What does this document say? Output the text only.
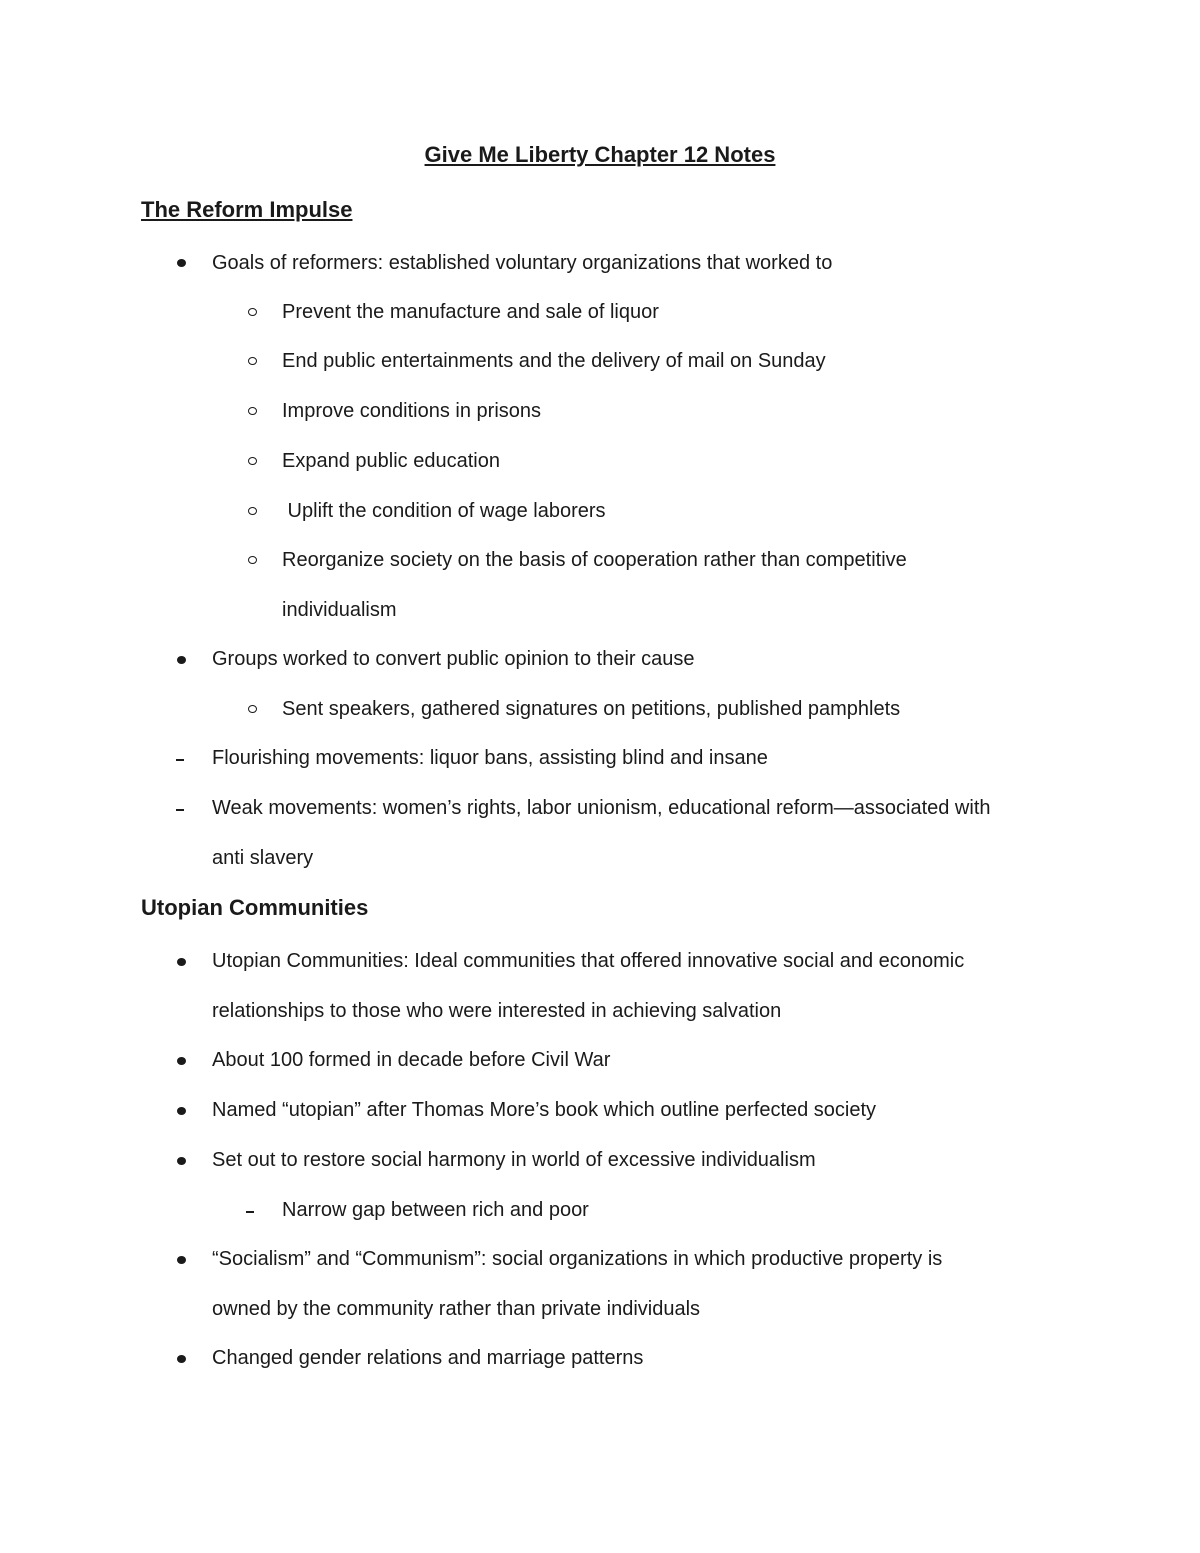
Give Me Liberty Chapter 12 Notes
The Reform Impulse
Goals of reformers: established voluntary organizations that worked to
Prevent the manufacture and sale of liquor
End public entertainments and the delivery of mail on Sunday
Improve conditions in prisons
Expand public education
Uplift the condition of wage laborers
Reorganize society on the basis of cooperation rather than competitive
individualism
Groups worked to convert public opinion to their cause
Sent speakers, gathered signatures on petitions, published pamphlets
Flourishing movements: liquor bans, assisting blind and insane
Weak movements: women’s rights, labor unionism, educational reform—associated with
anti slavery
Utopian Communities
Utopian Communities: Ideal communities that offered innovative social and economic
relationships to those who were interested in achieving salvation
About 100 formed in decade before Civil War
Named “utopian” after Thomas More’s book which outline perfected society
Set out to restore social harmony in world of excessive individualism
Narrow gap between rich and poor
“Socialism” and “Communism”: social organizations in which productive property is
owned by the community rather than private individuals
Changed gender relations and marriage patterns
